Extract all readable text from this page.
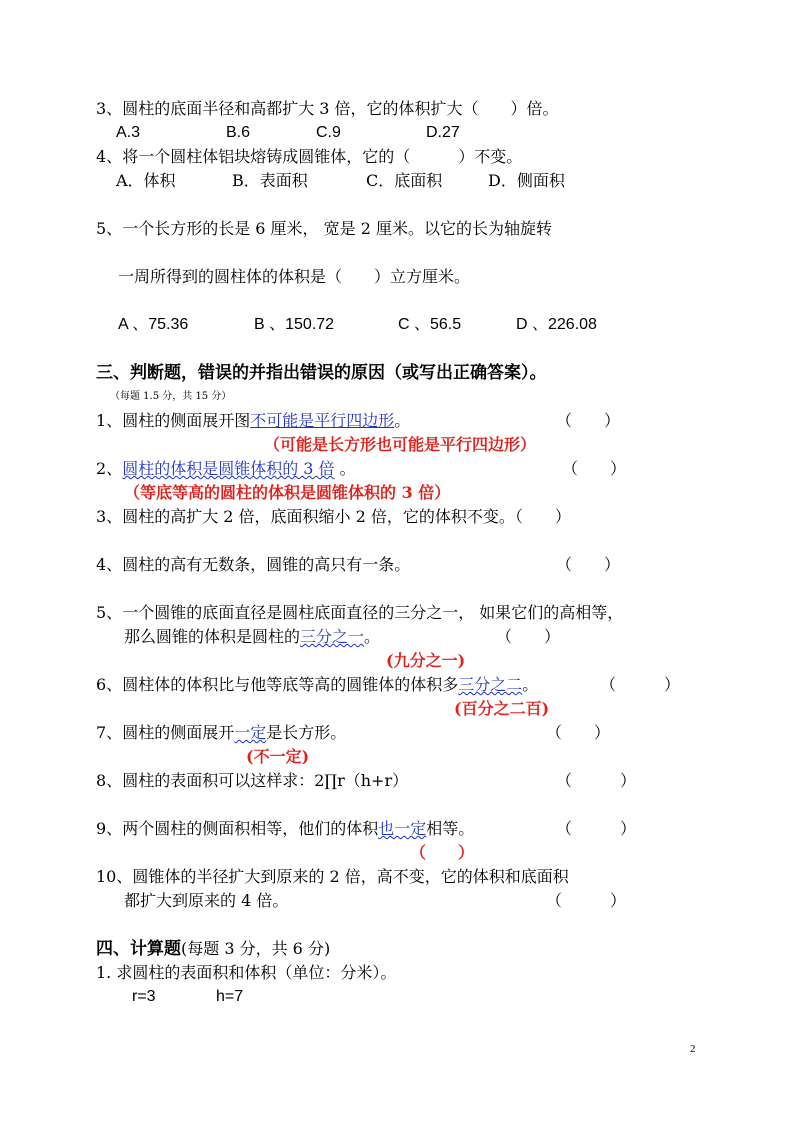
3、圆柱的底面半径和高都扩大 3 倍，它的体积扩大（　　）倍。
A.3	B.6	C.9	D.27
4、将一个圆柱体铝块熔铸成圆锥体，它的（　　　）不变。
A．体积	B．表面积	C．底面积	D．侧面积
5、一个长方形的长是 6 厘米， 宽是 2 厘米。以它的长为轴旋转
一周所得到的圆柱体的体积是（　　）立方厘米。
A 、75.36	B 、150.72	C 、56.5	D 、226.08
三、判断题，错误的并指出错误的原因（或写出正确答案）。
（每题 1.5 分，共 15 分）
1、圆柱的侧面展开图不可能是平行四边形。	（　　）
（可能是长方形也可能是平行四边形）
2、圆柱的体积是圆锥体积的 3 倍 。	（　　）
（等底等高的圆柱的体积是圆锥体积的 3 倍）
3、圆柱的高扩大 2 倍，底面积缩小 2 倍，它的体积不变。（　　）
4、圆柱的高有无数条，圆锥的高只有一条。	（　　）
5、一个圆锥的底面直径是圆柱底面直径的三分之一， 如果它们的高相等，
那么圆锥的体积是圆柱的三分之一。	（　　）
(九分之一)
6、圆柱体的体积比与他等底等高的圆锥体的体积多三分之二。	（　　　）
(百分之二百)
7、圆柱的侧面展开一定是长方形。	（　　）
(不一定)
8、圆柱的表面积可以这样求：2∏r（h+r）	（　　　）
9、两个圆柱的侧面积相等，他们的体积也一定相等。	（　　　）
（　　）
10、圆锥体的半径扩大到原来的 2 倍，高不变，它的体积和底面积
都扩大到原来的 4 倍。	（　　　）
四、计算题(每题 3 分，共 6 分)
1. 求圆柱的表面积和体积（单位：分米）。
r=3	h=7
2
